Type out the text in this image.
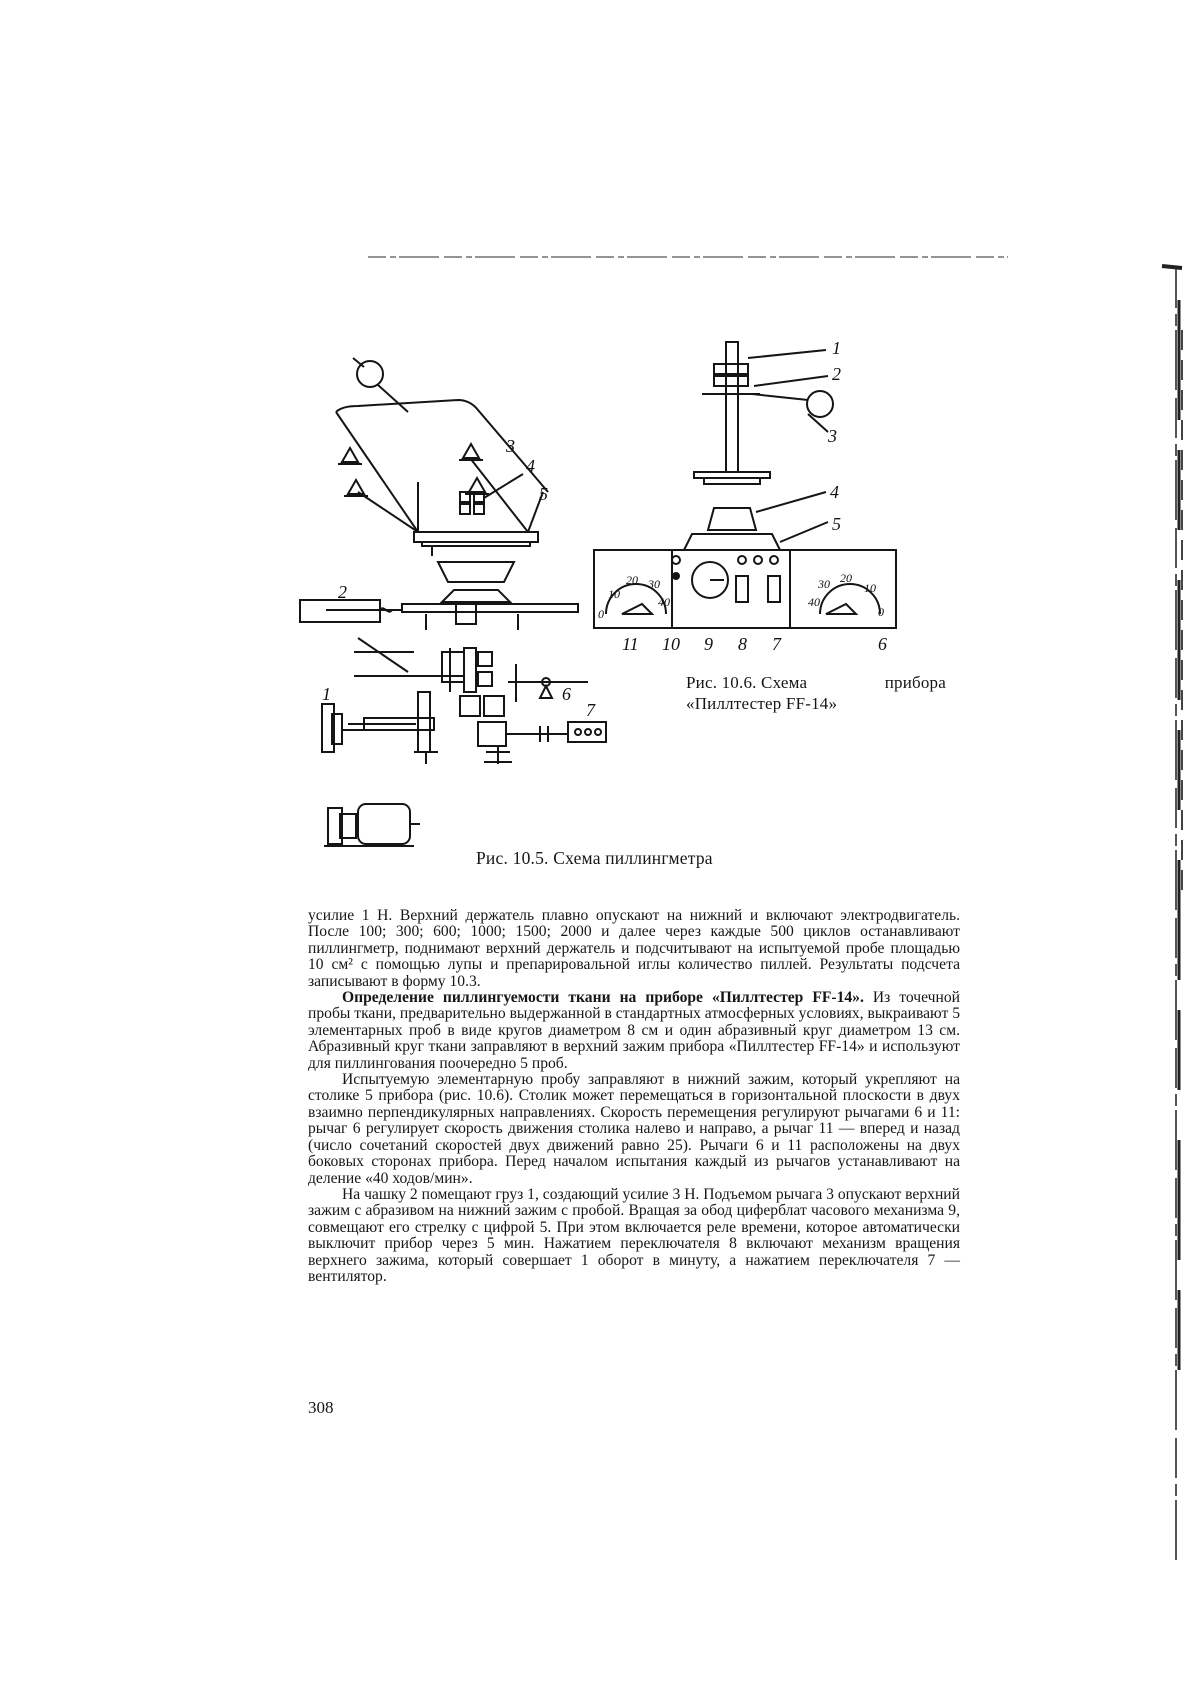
1
2
3
4
5
6
7
1
2
3
4
5
6
7
8
9
10
11
0
10
20 30
40	40
30 20
10
0
Рис. 10.6. Схема	прибора
«Пиллтестер FF-14»
Рис. 10.5. Схема пиллингметра

усилие 1 Н. Верхний держатель плавно опускают на нижний и включают электродвигатель. После 100; 300; 600; 1000; 1500; 2000 и далее через каждые 500 циклов останавливают пиллингметр, поднимают верхний держатель и подсчитывают на испытуемой пробе площадью 10 см² с помощью лупы и препарировальной иглы количество пиллей. Результаты подсчета записывают в форму 10.3.

Определение пиллингуемости ткани на приборе «Пиллтестер FF-14». Из точечной пробы ткани, предварительно выдержанной в стандартных атмосферных условиях, выкраивают 5 элементарных проб в виде кругов диаметром 8 см и один абразивный круг диаметром 13 см. Абразивный круг ткани заправляют в верхний зажим прибора «Пиллтестер FF-14» и используют для пиллингования поочередно 5 проб.

Испытуемую элементарную пробу заправляют в нижний зажим, который укрепляют на столике 5 прибора (рис. 10.6). Столик может перемещаться в горизонтальной плоскости в двух взаимно перпендикулярных направлениях. Скорость перемещения регулируют рычагами 6 и 11: рычаг 6 регулирует скорость движения столика налево и направо, а рычаг 11 — вперед и назад (число сочетаний скоростей двух движений равно 25). Рычаги 6 и 11 расположены на двух боковых сторонах прибора. Перед началом испытания каждый из рычагов устанавливают на деление «40 ходов/мин».

На чашку 2 помещают груз 1, создающий усилие 3 Н. Подъемом рычага 3 опускают верхний зажим с абразивом на нижний зажим с пробой. Вращая за обод циферблат часового механизма 9, совмещают его стрелку с цифрой 5. При этом включается реле времени, которое автоматически выключит прибор через 5 мин. Нажатием переключателя 8 включают механизм вращения верхнего зажима, который совершает 1 оборот в минуту, а нажатием переключателя 7 — вентилятор.

308
